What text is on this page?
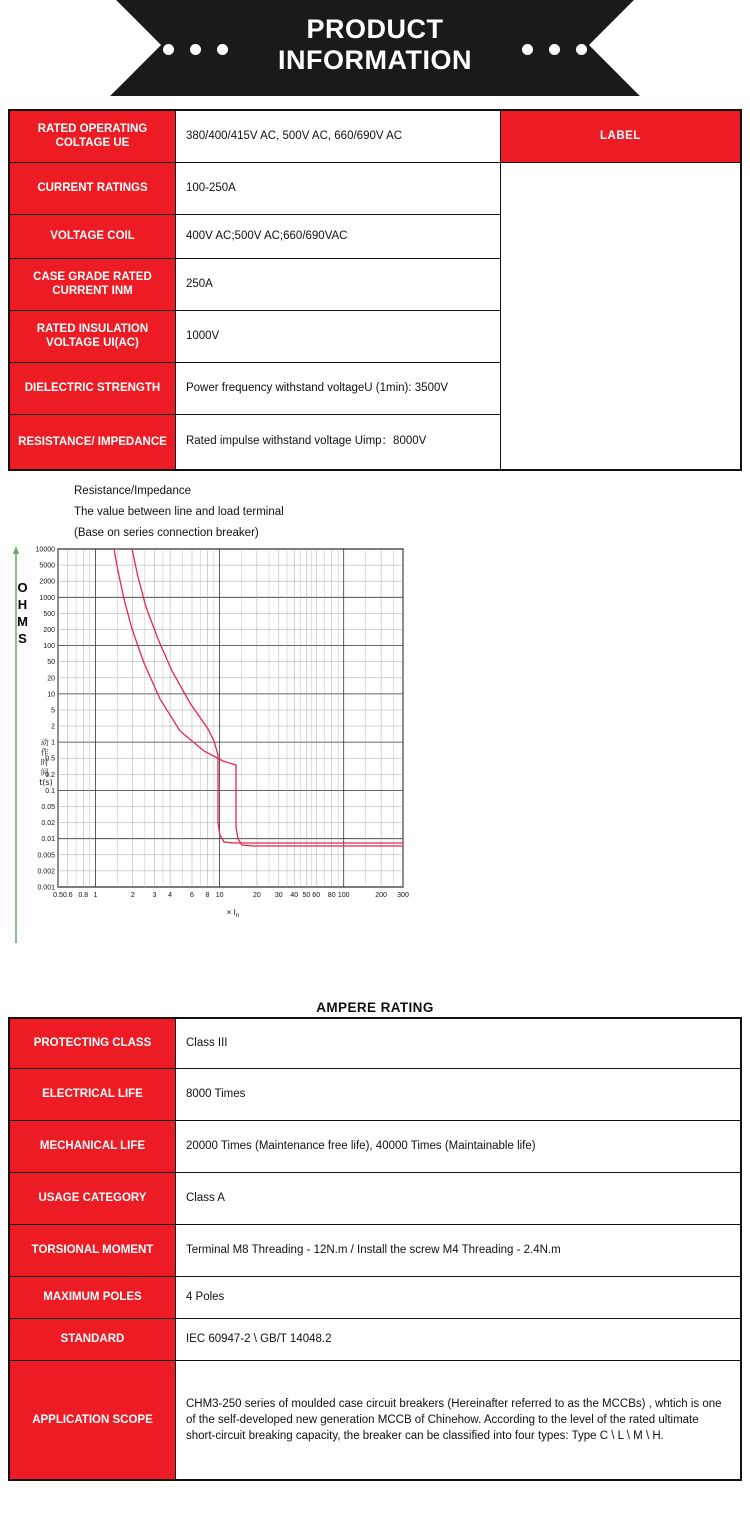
PRODUCT
INFORMATION
RATED OPERATING COLTAGE UE	380/400/415V AC, 500V AC, 660/690V AC	LABEL
CURRENT RATINGS	100-250A	
VOLTAGE COIL	400V AC;500V AC;660/690VAC	
CASE GRADE RATED CURRENT INM	250A	
RATED INSULATION VOLTAGE UI(AC)	1000V	
DIELECTRIC STRENGTH	Power frequency withstand voltageU (1min): 3500V	
RESISTANCE/ IMPEDANCE	Rated impulse withstand voltage Uimp：8000V	
Resistance/Impedance
The value between line and load terminal
(Base on series connection breaker)
O
H
M
S
10000
5000
2000
1000
500
200
100
50
20
10
5
2
1
0.5
0.2
0.1
0.05
0.02
0.01
0.005
0.002
0.001
0.5 0.6 0.8 1	2	3 4	6 8 10	20 30 40 50 60 80 100	200 300
动 作 时 间 t(s)
× $I_n$
AMPERE RATING
PROTECTING CLASS	Class III
ELECTRICAL LIFE	8000 Times
MECHANICAL LIFE	20000 Times (Maintenance free life), 40000 Times (Maintainable life)
USAGE CATEGORY	Class A
TORSIONAL MOMENT	Terminal M8 Threading - 12N.m / Install the screw M4 Threading - 2.4N.m
MAXIMUM POLES	4 Poles
STANDARD	IEC 60947-2 \ GB/T 14048.2
APPLICATION SCOPE	CHM3-250 series of moulded case circuit breakers (Hereinafter referred to as the MCCBs) , whtich is one of the self-developed new generation MCCB of Chinehow. According to the level of the rated ultimate short-circuit breaking capacity, the breaker can be classified into four types: Type C \ L \ M \ H.
